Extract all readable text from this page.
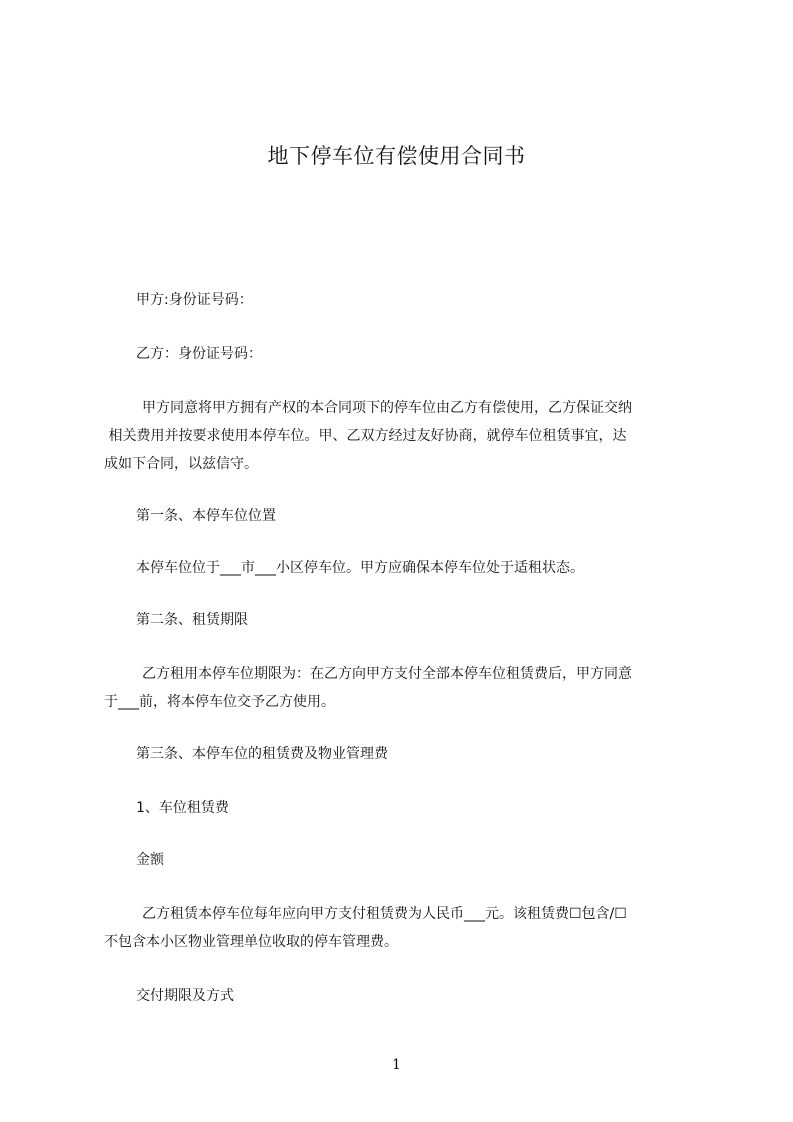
地下停车位有偿使用合同书

甲方:身份证号码：

乙方：身份证号码：

甲方同意将甲方拥有产权的本合同项下的停车位由乙方有偿使用，乙方保证交纳
相关费用并按要求使用本停车位。甲、乙双方经过友好协商，就停车位租赁事宜，达
成如下合同，以兹信守。

第一条、本停车位位置

本停车位位于___市___小区停车位。甲方应确保本停车位处于适租状态。

第二条、租赁期限

乙方租用本停车位期限为：在乙方向甲方支付全部本停车位租赁费后，甲方同意
于___前，将本停车位交予乙方使用。

第三条、本停车位的租赁费及物业管理费

1、车位租赁费

金额

乙方租赁本停车位每年应向甲方支付租赁费为人民币___元。该租赁费☐包含/☐
不包含本小区物业管理单位收取的停车管理费。

交付期限及方式

1
